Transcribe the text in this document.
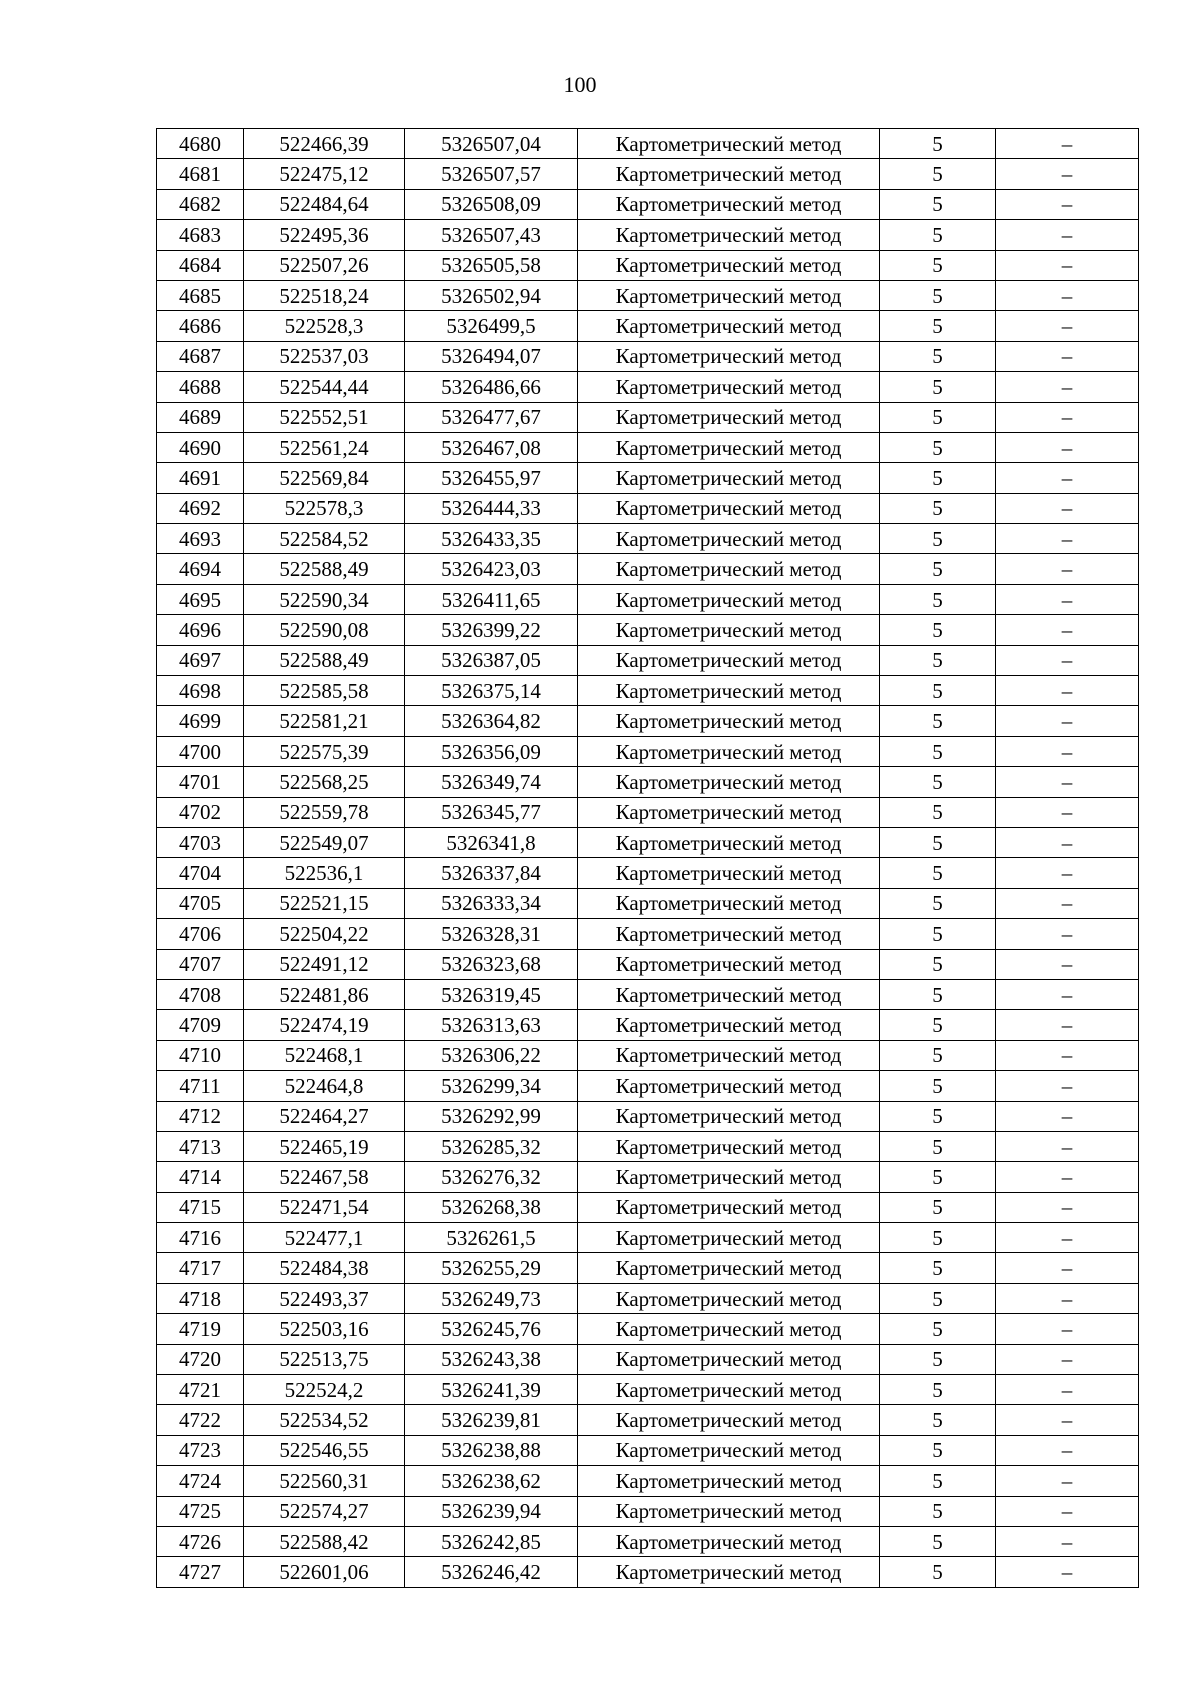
100
4680	522466,39	5326507,04	Картометрический метод	5	–
4681	522475,12	5326507,57	Картометрический метод	5	–
4682	522484,64	5326508,09	Картометрический метод	5	–
4683	522495,36	5326507,43	Картометрический метод	5	–
4684	522507,26	5326505,58	Картометрический метод	5	–
4685	522518,24	5326502,94	Картометрический метод	5	–
4686	522528,3	5326499,5	Картометрический метод	5	–
4687	522537,03	5326494,07	Картометрический метод	5	–
4688	522544,44	5326486,66	Картометрический метод	5	–
4689	522552,51	5326477,67	Картометрический метод	5	–
4690	522561,24	5326467,08	Картометрический метод	5	–
4691	522569,84	5326455,97	Картометрический метод	5	–
4692	522578,3	5326444,33	Картометрический метод	5	–
4693	522584,52	5326433,35	Картометрический метод	5	–
4694	522588,49	5326423,03	Картометрический метод	5	–
4695	522590,34	5326411,65	Картометрический метод	5	–
4696	522590,08	5326399,22	Картометрический метод	5	–
4697	522588,49	5326387,05	Картометрический метод	5	–
4698	522585,58	5326375,14	Картометрический метод	5	–
4699	522581,21	5326364,82	Картометрический метод	5	–
4700	522575,39	5326356,09	Картометрический метод	5	–
4701	522568,25	5326349,74	Картометрический метод	5	–
4702	522559,78	5326345,77	Картометрический метод	5	–
4703	522549,07	5326341,8	Картометрический метод	5	–
4704	522536,1	5326337,84	Картометрический метод	5	–
4705	522521,15	5326333,34	Картометрический метод	5	–
4706	522504,22	5326328,31	Картометрический метод	5	–
4707	522491,12	5326323,68	Картометрический метод	5	–
4708	522481,86	5326319,45	Картометрический метод	5	–
4709	522474,19	5326313,63	Картометрический метод	5	–
4710	522468,1	5326306,22	Картометрический метод	5	–
4711	522464,8	5326299,34	Картометрический метод	5	–
4712	522464,27	5326292,99	Картометрический метод	5	–
4713	522465,19	5326285,32	Картометрический метод	5	–
4714	522467,58	5326276,32	Картометрический метод	5	–
4715	522471,54	5326268,38	Картометрический метод	5	–
4716	522477,1	5326261,5	Картометрический метод	5	–
4717	522484,38	5326255,29	Картометрический метод	5	–
4718	522493,37	5326249,73	Картометрический метод	5	–
4719	522503,16	5326245,76	Картометрический метод	5	–
4720	522513,75	5326243,38	Картометрический метод	5	–
4721	522524,2	5326241,39	Картометрический метод	5	–
4722	522534,52	5326239,81	Картометрический метод	5	–
4723	522546,55	5326238,88	Картометрический метод	5	–
4724	522560,31	5326238,62	Картометрический метод	5	–
4725	522574,27	5326239,94	Картометрический метод	5	–
4726	522588,42	5326242,85	Картометрический метод	5	–
4727	522601,06	5326246,42	Картометрический метод	5	–
